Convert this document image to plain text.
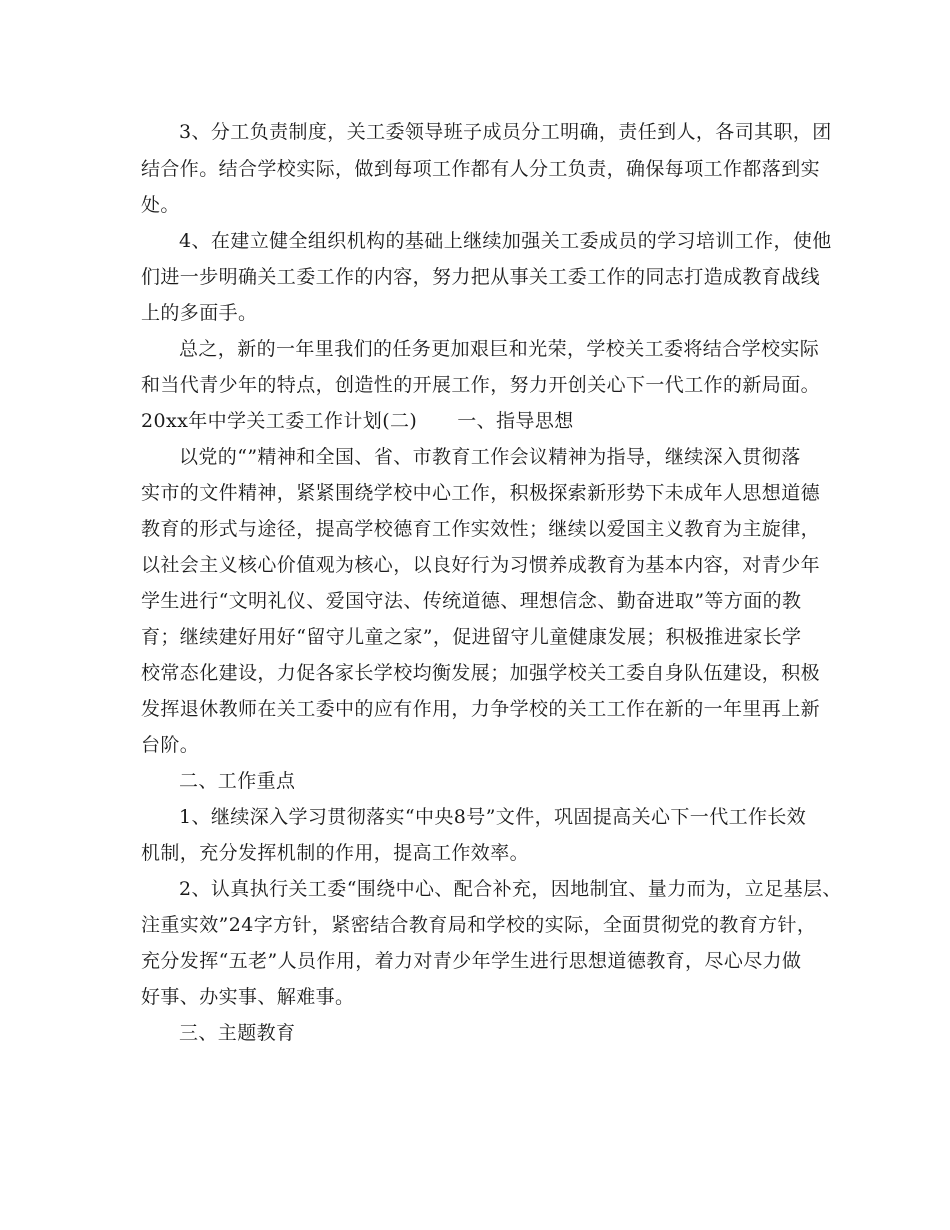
3、分工负责制度，关工委领导班子成员分工明确，责任到人，各司其职，团
结合作。结合学校实际，做到每项工作都有人分工负责，确保每项工作都落到实
处。
4、在建立健全组织机构的基础上继续加强关工委成员的学习培训工作，使他
们进一步明确关工委工作的内容，努力把从事关工委工作的同志打造成教育战线
上的多面手。
总之，新的一年里我们的任务更加艰巨和光荣，学校关工委将结合学校实际
和当代青少年的特点，创造性的开展工作，努力开创关心下一代工作的新局面。
20xx年中学关工委工作计划(二) 一、指导思想
以党的“”精神和全国、省、市教育工作会议精神为指导，继续深入贯彻落
实市的文件精神，紧紧围绕学校中心工作，积极探索新形势下未成年人思想道德
教育的形式与途径，提高学校德育工作实效性；继续以爱国主义教育为主旋律，
以社会主义核心价值观为核心，以良好行为习惯养成教育为基本内容，对青少年
学生进行“文明礼仪、爱国守法、传统道德、理想信念、勤奋进取”等方面的教
育；继续建好用好“留守儿童之家”，促进留守儿童健康发展；积极推进家长学
校常态化建设，力促各家长学校均衡发展；加强学校关工委自身队伍建设，积极
发挥退休教师在关工委中的应有作用，力争学校的关工工作在新的一年里再上新
台阶。
二、工作重点
1、继续深入学习贯彻落实“中央8号”文件，巩固提高关心下一代工作长效
机制，充分发挥机制的作用，提高工作效率。
2、认真执行关工委“围绕中心、配合补充，因地制宜、量力而为，立足基层、
注重实效”24字方针，紧密结合教育局和学校的实际，全面贯彻党的教育方针，
充分发挥“五老”人员作用，着力对青少年学生进行思想道德教育，尽心尽力做
好事、办实事、解难事。
三、主题教育
